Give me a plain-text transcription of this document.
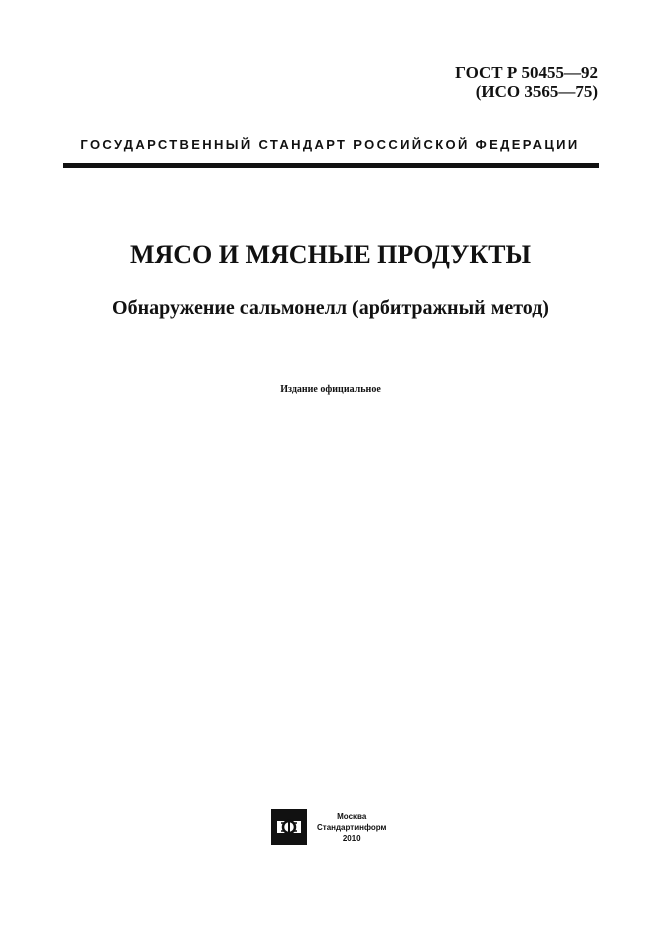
ГОСТ Р 50455—92
(ИСО 3565—75)
ГОСУДАРСТВЕННЫЙ СТАНДАРТ РОССИЙСКОЙ ФЕДЕРАЦИИ
МЯСО И МЯСНЫЕ ПРОДУКТЫ
Обнаружение сальмонелл (арбитражный метод)
Издание официальное
Москва
Стандартинформ
2010
